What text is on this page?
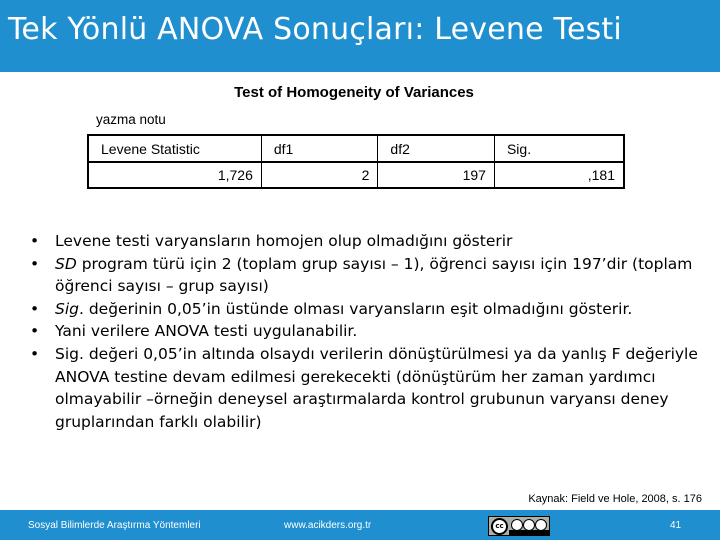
Tek Yönlü ANOVA Sonuçları: Levene Testi
Test of Homogeneity of Variances
yazma notu
Levene Statistic	df1	df2	Sig.
1,726	2	197	,181
• Levene testi varyansların homojen olup olmadığını gösterir
• SD program türü için 2 (toplam grup sayısı – 1), öğrenci sayısı için 197’dir (toplam öğrenci sayısı – grup sayısı)
• Sig. değerinin 0,05’in üstünde olması varyansların eşit olmadığını gösterir.
• Yani verilere ANOVA testi uygulanabilir.
• Sig. değeri 0,05’in altında olsaydı verilerin dönüştürülmesi ya da yanlış F değeriyle ANOVA testine devam edilmesi gerekecekti (dönüştürüm her zaman yardımcı olmayabilir –örneğin deneysel araştırmalarda kontrol grubunun varyansı deney gruplarından farklı olabilir)
Kaynak: Field ve Hole, 2008, s. 176
Sosyal Bilimlerde Araştırma Yöntemleri	www.acikders.org.tr	41
cc
